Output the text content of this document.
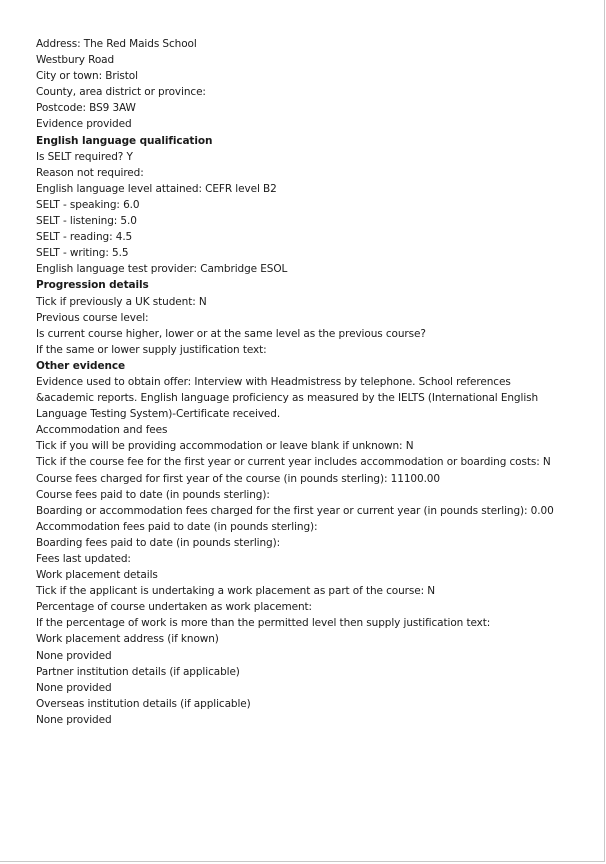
Address: The Red Maids School
Westbury Road
City or town: Bristol
County, area district or province:
Postcode: BS9 3AW
Evidence provided
English language qualification
Is SELT required? Y
Reason not required:
English language level attained: CEFR level B2
SELT - speaking: 6.0
SELT - listening: 5.0
SELT - reading: 4.5
SELT - writing: 5.5
English language test provider: Cambridge ESOL
Progression details
Tick if previously a UK student: N
Previous course level:
Is current course higher, lower or at the same level as the previous course?
If the same or lower supply justification text:
Other evidence
Evidence used to obtain offer: Interview with Headmistress by telephone. School references &academic reports. English language proficiency as measured by the IELTS (International English Language Testing System)-Certificate received.
Accommodation and fees
Tick if you will be providing accommodation or leave blank if unknown: N
Tick if the course fee for the first year or current year includes accommodation or boarding costs: N
Course fees charged for first year of the course (in pounds sterling): 11100.00
Course fees paid to date (in pounds sterling):
Boarding or accommodation fees charged for the first year or current year (in pounds sterling): 0.00
Accommodation fees paid to date (in pounds sterling):
Boarding fees paid to date (in pounds sterling):
Fees last updated:
Work placement details
Tick if the applicant is undertaking a work placement as part of the course: N
Percentage of course undertaken as work placement:
If the percentage of work is more than the permitted level then supply justification text:
Work placement address (if known)
None provided
Partner institution details (if applicable)
None provided
Overseas institution details (if applicable)
None provided
